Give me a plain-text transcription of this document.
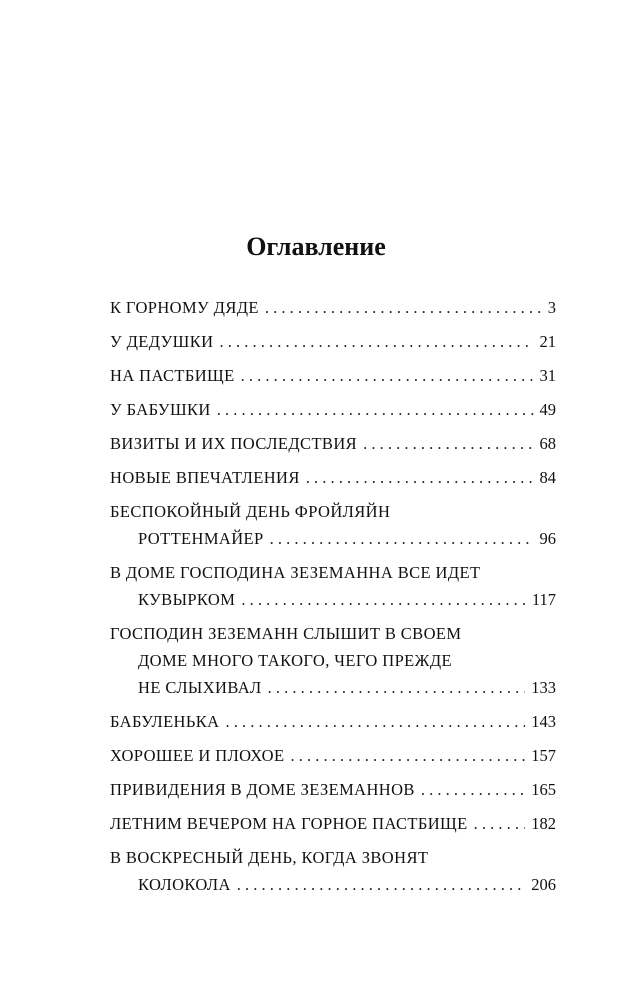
Оглавление
К ГОРНОМУ ДЯДЕ . . .	3
У ДЕДУШКИ . . .	21
НА ПАСТБИЩЕ . . .	31
У БАБУШКИ . . .	49
ВИЗИТЫ И ИХ ПОСЛЕДСТВИЯ . . .	68
НОВЫЕ ВПЕЧАТЛЕНИЯ . . .	84
БЕСПОКОЙНЫЙ ДЕНЬ ФРОЙЛЯЙН
РОТТЕНМАЙЕР . . .	96
В ДОМЕ ГОСПОДИНА ЗЕЗЕМАННА ВСЕ ИДЕТ
КУВЫРКОМ . . .	117
ГОСПОДИН ЗЕЗЕМАНН СЛЫШИТ В СВОЕМ
ДОМЕ МНОГО ТАКОГО, ЧЕГО ПРЕЖДЕ
НЕ СЛЫХИВАЛ . . .	133
БАБУЛЕНЬКА . . .	143
ХОРОШЕЕ И ПЛОХОЕ . . .	157
ПРИВИДЕНИЯ В ДОМЕ ЗЕЗЕМАННОВ . . .	165
ЛЕТНИМ ВЕЧЕРОМ НА ГОРНОЕ ПАСТБИЩЕ . . .	182
В ВОСКРЕСНЫЙ ДЕНЬ, КОГДА ЗВОНЯТ
КОЛОКОЛА . . .	206
